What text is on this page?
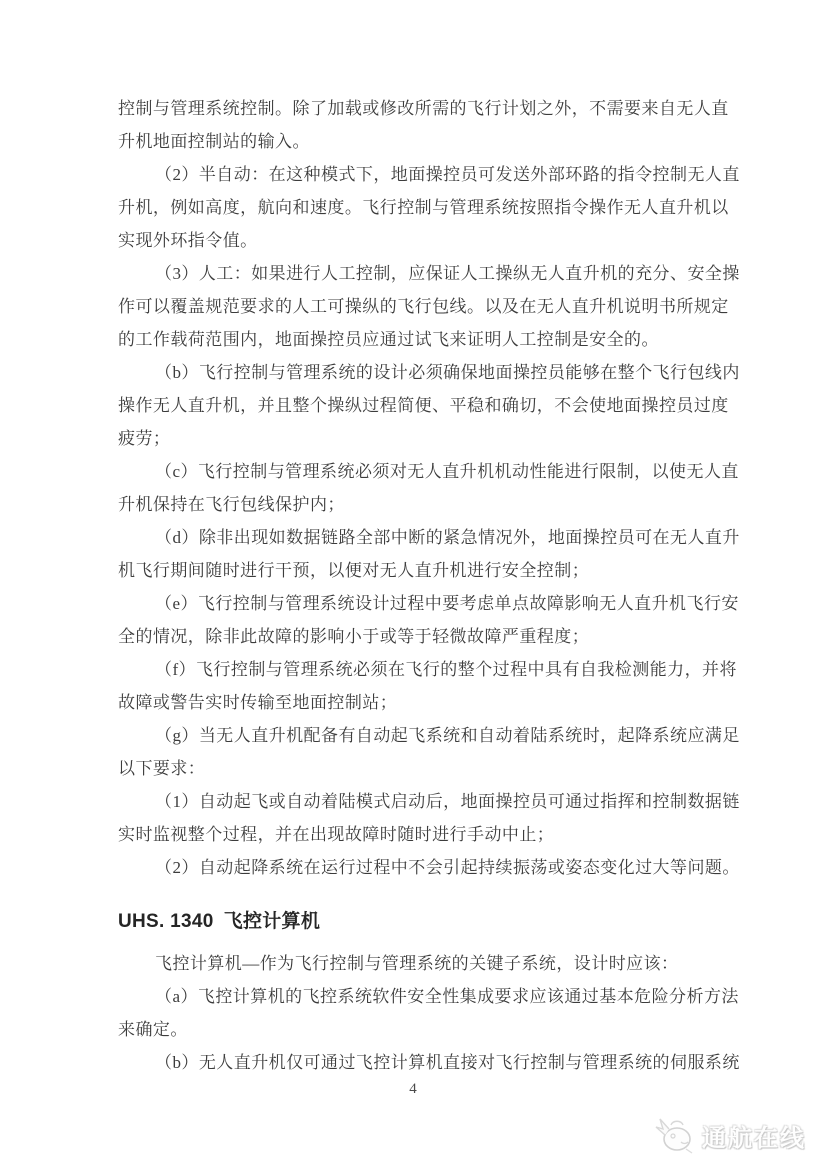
控制与管理系统控制。除了加载或修改所需的飞行计划之外，不需要来自无人直
升机地面控制站的输入。
（2）半自动：在这种模式下，地面操控员可发送外部环路的指令控制无人直
升机，例如高度，航向和速度。飞行控制与管理系统按照指令操作无人直升机以
实现外环指令值。
（3）人工：如果进行人工控制，应保证人工操纵无人直升机的充分、安全操
作可以覆盖规范要求的人工可操纵的飞行包线。以及在无人直升机说明书所规定
的工作载荷范围内，地面操控员应通过试飞来证明人工控制是安全的。
（b）飞行控制与管理系统的设计必须确保地面操控员能够在整个飞行包线内
操作无人直升机，并且整个操纵过程简便、平稳和确切，不会使地面操控员过度
疲劳；
（c）飞行控制与管理系统必须对无人直升机机动性能进行限制，以使无人直
升机保持在飞行包线保护内；
（d）除非出现如数据链路全部中断的紧急情况外，地面操控员可在无人直升
机飞行期间随时进行干预，以便对无人直升机进行安全控制；
（e）飞行控制与管理系统设计过程中要考虑单点故障影响无人直升机飞行安
全的情况，除非此故障的影响小于或等于轻微故障严重程度；
（f）飞行控制与管理系统必须在飞行的整个过程中具有自我检测能力，并将
故障或警告实时传输至地面控制站；
（g）当无人直升机配备有自动起飞系统和自动着陆系统时，起降系统应满足
以下要求：
（1）自动起飞或自动着陆模式启动后，地面操控员可通过指挥和控制数据链
实时监视整个过程，并在出现故障时随时进行手动中止；
（2）自动起降系统在运行过程中不会引起持续振荡或姿态变化过大等问题。
UHS. 1340 飞控计算机
飞控计算机—作为飞行控制与管理系统的关键子系统，设计时应该：
（a）飞控计算机的飞控系统软件安全性集成要求应该通过基本危险分析方法
来确定。
（b）无人直升机仅可通过飞控计算机直接对飞行控制与管理系统的伺服系统
4
通航在线
